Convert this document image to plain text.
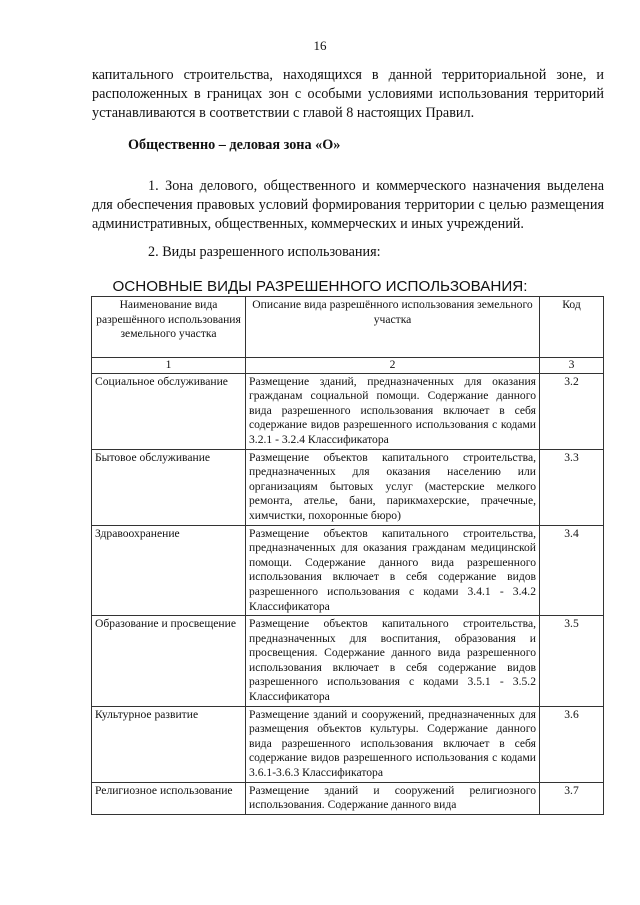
16

капитального строительства, находящихся в данной территориальной зоне, и расположенных в границах зон с особыми условиями использования территорий устанавливаются в соответствии с главой 8 настоящих Правил.

Общественно – деловая зона «О»

1. Зона делового, общественного и коммерческого назначения выделена для обеспечения правовых условий формирования территории с целью размещения административных, общественных, коммерческих и иных учреждений.

2. Виды разрешенного использования:

ОСНОВНЫЕ ВИДЫ РАЗРЕШЕННОГО ИСПОЛЬЗОВАНИЯ:

Наименование вида разрешённого использования земельного участка	Описание вида разрешённого использования земельного участка	Код
1	2	3
Социальное обслуживание	Размещение зданий, предназначенных для оказания гражданам социальной помощи. Содержание данного вида разрешенного использования включает в себя содержание видов разрешенного использования с кодами 3.2.1 - 3.2.4 Классификатора	3.2
Бытовое обслуживание	Размещение объектов капитального строительства, предназначенных для оказания населению или организациям бытовых услуг (мастерские мелкого ремонта, ателье, бани, парикмахерские, прачечные, химчистки, похоронные бюро)	3.3
Здравоохранение	Размещение объектов капитального строительства, предназначенных для оказания гражданам медицинской помощи. Содержание данного вида разрешенного использования включает в себя содержание видов разрешенного использования с кодами 3.4.1 - 3.4.2 Классификатора	3.4
Образование и просвещение	Размещение объектов капитального строительства, предназначенных для воспитания, образования и просвещения. Содержание данного вида разрешенного использования включает в себя содержание видов разрешенного использования с кодами 3.5.1 - 3.5.2 Классификатора	3.5
Культурное развитие	Размещение зданий и сооружений, предназначенных для размещения объектов культуры. Содержание данного вида разрешенного использования включает в себя содержание видов разрешенного использования с кодами 3.6.1-3.6.3 Классификатора	3.6
Религиозное использование	Размещение зданий и сооружений религиозного использования. Содержание данного вида	3.7
